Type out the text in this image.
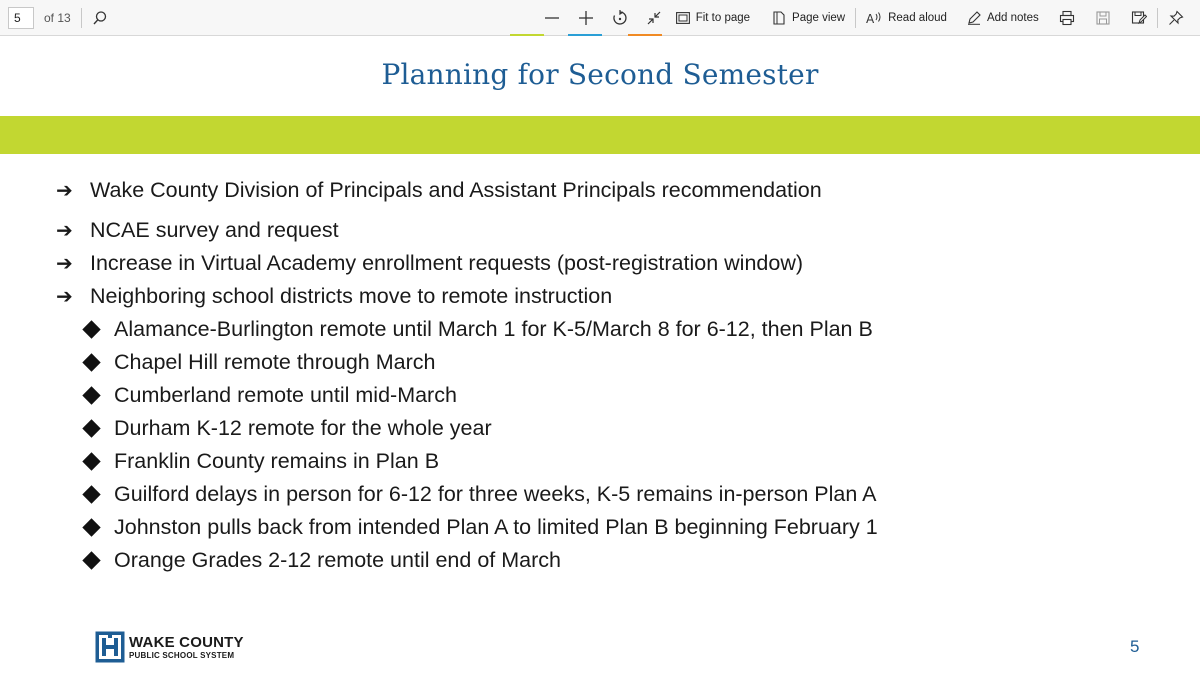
5 of 13	Fit to page	Page view A Read aloud	Add notes
Planning for Second Semester
➔ Wake County Division of Principals and Assistant Principals recommendation
➔ NCAE survey and request
➔ Increase in Virtual Academy enrollment requests (post-registration window)
➔ Neighboring school districts move to remote instruction
Alamance-Burlington remote until March 1 for K-5/March 8 for 6-12, then Plan B
Chapel Hill remote through March
Cumberland remote until mid-March
Durham K-12 remote for the whole year
Franklin County remains in Plan B
Guilford delays in person for 6-12 for three weeks, K-5 remains in-person Plan A
Johnston pulls back from intended Plan A to limited Plan B beginning February 1
Orange Grades 2-12 remote until end of March
WAKE COUNTY
PUBLIC SCHOOL SYSTEM	5
